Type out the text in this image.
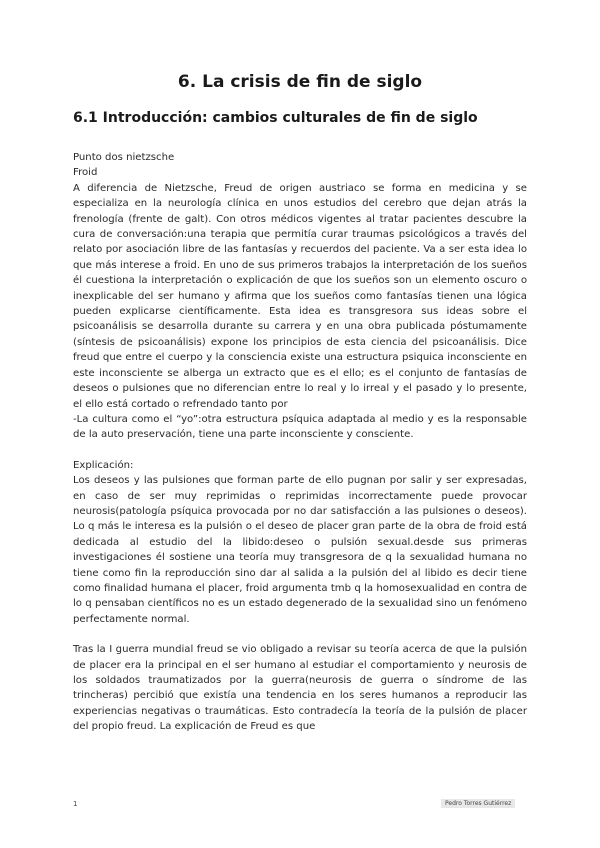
6. La crisis de fin de siglo
6.1 Introducción: cambios culturales de fin de siglo

Punto dos nietzsche

Froid

A diferencia de Nietzsche, Freud de origen austriaco se forma en medicina y se especializa en la neurología clínica en unos estudios del cerebro que dejan atrás la frenología (frente de galt). Con otros médicos vigentes al tratar pacientes descubre la cura de conversación:una terapia que permitía curar traumas psicológicos a través del relato por asociación libre de las fantasías y recuerdos del paciente. Va a ser esta idea lo que más interese a froid. En uno de sus primeros trabajos la interpretación de los sueños él cuestiona la interpretación o explicación de que los sueños son un elemento oscuro o inexplicable del ser humano y afirma que los sueños como fantasías tienen una lógica pueden explicarse científicamente. Esta idea es transgresora sus ideas sobre el psicoanálisis se desarrolla durante su carrera y en una obra publicada póstumamente (síntesis de psicoanálisis) expone los principios de esta ciencia del psicoanálisis. Dice freud que entre el cuerpo y la consciencia existe una estructura psiquica inconsciente en este inconsciente se alberga un extracto que es el ello; es el conjunto de fantasías de deseos o pulsiones que no diferencian entre lo real y lo irreal y el pasado y lo presente, el ello está cortado o refrendado tanto por

-La cultura como el “yo”:otra estructura psíquica adaptada al medio y es la responsable de la auto preservación, tiene una parte inconsciente y consciente.

Explicación:

Los deseos y las pulsiones que forman parte de ello pugnan por salir y ser expresadas, en caso de ser muy reprimidas o reprimidas incorrectamente puede provocar neurosis(patología psíquica provocada por no dar satisfacción a las pulsiones o deseos). Lo q más le interesa es la pulsión o el deseo de placer gran parte de la obra de froid está dedicada al estudio del la libido:deseo o pulsión sexual.desde sus primeras investigaciones él sostiene una teoría muy transgresora de q la sexualidad humana no tiene como fin la reproducción sino dar al salida a la pulsión del al libido es decir tiene como finalidad humana el placer, froid argumenta tmb q la homosexualidad en contra de lo q pensaban científicos no es un estado degenerado de la sexualidad sino un fenómeno perfectamente normal.

Tras la I guerra mundial freud se vio obligado a revisar su teoría acerca de que la pulsión de placer era la principal en el ser humano al estudiar el comportamiento y neurosis de los soldados traumatizados por la guerra(neurosis de guerra o síndrome de las trincheras) percibió que existía una tendencia en los seres humanos a reproducir las experiencias negativas o traumáticas. Esto contradecía la teoría de la pulsión de placer del propio freud. La explicación de Freud es que

1	Pedro Torres Gutiérrez
